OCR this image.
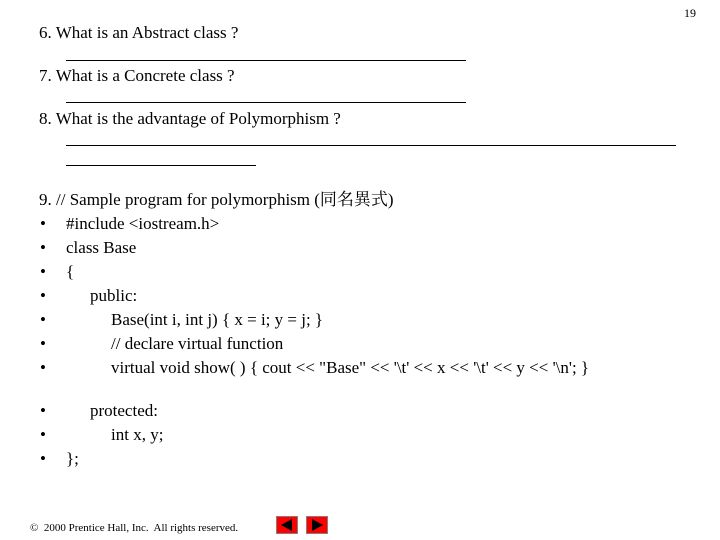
19
6. What is an Abstract class ?
7. What is a Concrete class ?
8. What is the advantage of Polymorphism ?
9. // Sample program for polymorphism (同名異式)
• #include <iostream.h>
• class Base
• {
•	public:
•	Base(int i, int j) { x = i; y = j; }
•	// declare virtual function
•	virtual void show( ) { cout << "Base" << '\t' << x << '\t' << y << '\n'; }
•	protected:
•	int x, y;
• };
©  2000 Prentice Hall, Inc.  All rights reserved.
